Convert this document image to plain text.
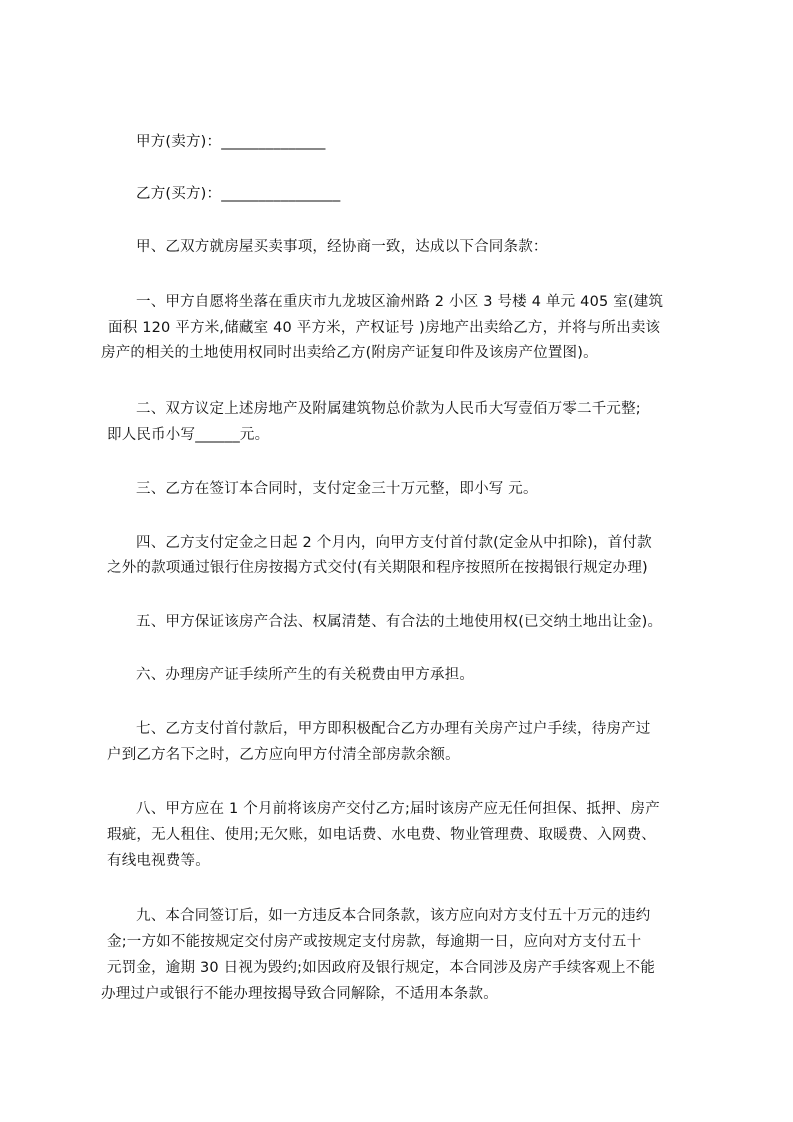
甲方(卖方)：______________
乙方(买方)：________________
甲、乙双方就房屋买卖事项，经协商一致，达成以下合同条款：
一、甲方自愿将坐落在重庆市九龙坡区渝州路 2 小区 3 号楼 4 单元 405 室(建筑
面积 120 平方米,储藏室 40 平方米，产权证号 )房地产出卖给乙方，并将与所出卖该
房产的相关的土地使用权同时出卖给乙方(附房产证复印件及该房产位置图)。
二、双方议定上述房地产及附属建筑物总价款为人民币大写壹佰万零二千元整;
即人民币小写______元。
三、乙方在签订本合同时，支付定金三十万元整，即小写 元。
四、乙方支付定金之日起 2 个月内，向甲方支付首付款(定金从中扣除)，首付款
之外的款项通过银行住房按揭方式交付(有关期限和程序按照所在按揭银行规定办理)
五、甲方保证该房产合法、权属清楚、有合法的土地使用权(已交纳土地出让金)。
六、办理房产证手续所产生的有关税费由甲方承担。
七、乙方支付首付款后，甲方即积极配合乙方办理有关房产过户手续，待房产过
户到乙方名下之时，乙方应向甲方付清全部房款余额。
八、甲方应在 1 个月前将该房产交付乙方;届时该房产应无任何担保、抵押、房产
瑕疵，无人租住、使用;无欠账，如电话费、水电费、物业管理费、取暖费、入网费、
有线电视费等。
九、本合同签订后，如一方违反本合同条款，该方应向对方支付五十万元的违约
金;一方如不能按规定交付房产或按规定支付房款，每逾期一日，应向对方支付五十
元罚金，逾期 30 日视为毁约;如因政府及银行规定，本合同涉及房产手续客观上不能
办理过户或银行不能办理按揭导致合同解除，不适用本条款。
